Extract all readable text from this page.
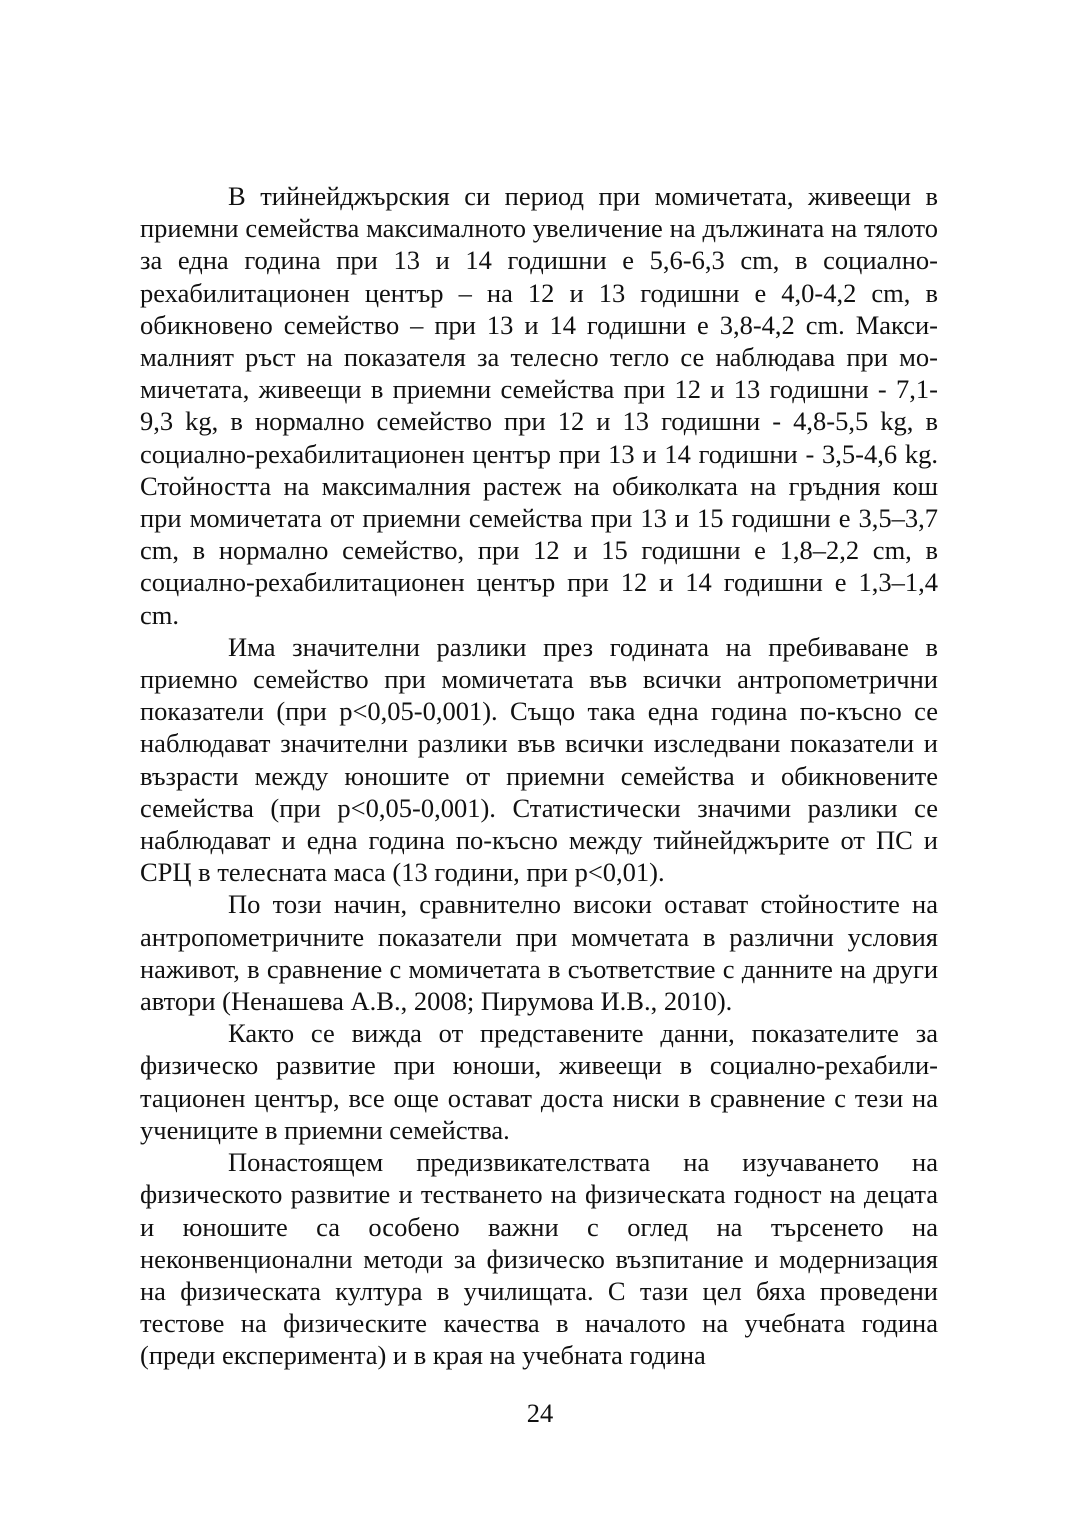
В тийнейджърския си период при момичетата, живеещи в приемни семейства максималното увеличение на дължината на тялото за една година при 13 и 14 годишни е 5,6-6,3 cm, в социално-рехабилитационен център – на 12 и 13 годишни е 4,0-4,2 cm, в обикновено семейство – при 13 и 14 годишни е 3,8-4,2 cm. Максималният ръст на показателя за телесно тегло се наблюдава при момичетата, живеещи в приемни семейства при 12 и 13 годишни - 7,1-9,3 kg, в нормално семейство при 12 и 13 годишни - 4,8-5,5 kg, в социално-рехабилитационен център при 13 и 14 годишни - 3,5-4,6 kg. Стойността на максималния растеж на обиколката на гръдния кош при момичетата от приемни семейства при 13 и 15 годишни е 3,5–3,7 cm, в нормално семейство, при 12 и 15 годишни е 1,8–2,2 cm, в социално-рехабилитационен център при 12 и 14 годишни е 1,3–1,4 cm.

Има значителни разлики през годината на пребиваване в приемно семейство при момичетата във всички антропометрични показатели (при p<0,05-0,001). Също така една година по-късно се наблюдават значителни разлики във всички изследвани показатели и възрасти между юношите от приемни семейства и обикновените семейства (при p<0,05-0,001). Статистически значими разлики се наблюдават и една година по-късно между тийнейджърите от ПС и СРЦ в телесната маса (13 години, при p<0,01).

По този начин, сравнително високи остават стойностите на антропометричните показатели при момчетата в различни условия наживот, в сравнение с момичетата в съответствие с данните на други автори (Ненашева А.В., 2008; Пирумова И.В., 2010).

Както се вижда от представените данни, показателите за физическо развитие при юноши, живеещи в социално-рехабилитационен център, все още остават доста ниски в сравнение с тези на учениците в приемни семейства.

Понастоящем предизвикателствата на изучаването на физическото развитие и тестването на физическата годност на децата и юношите са особено важни с оглед на търсенето на неконвенционални методи за физическо възпитание и модернизация на физическата култура в училищата. С тази цел бяха проведени тестове на физическите качества в началото на учебната година (преди експеримента) и в края на учебната година

24
